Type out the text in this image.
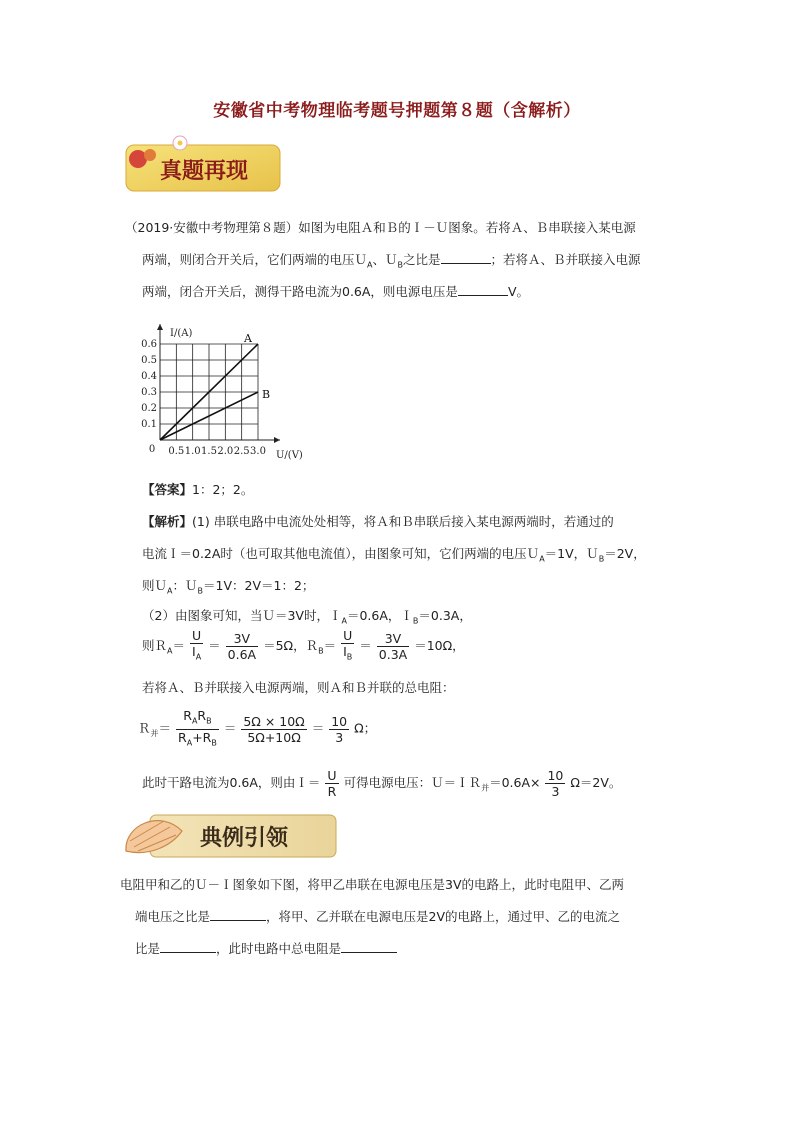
安徽省中考物理临考题号押题第８题（含解析）
真题再现
（2019·安徽中考物理第８题）如图为电阻Ａ和Ｂ的Ｉ－Ｕ图象。若将Ａ、Ｂ串联接入某电源
两端，则闭合开关后，它们两端的电压Ｕ$_A$、Ｕ$_B$之比是	；若将Ａ、Ｂ并联接入电源
两端，闭合开关后，测得干路电流为0.6A，则电源电压是	V。
0.5 1.0 1.5 2.0 2.5 3.0
0.1
0.2
0.3
0.4
0.5
0.6
0
U/(V)
I/(A)	A
B
【答案】1：2；2。
【解析】(1) 串联电路中电流处处相等，将Ａ和Ｂ串联后接入某电源两端时，若通过的
电流Ｉ＝0.2A时（也可取其他电流值），由图象可知，它们两端的电压Ｕ$_A$＝1V，Ｕ$_B$＝2V，
则Ｕ$_A$：Ｕ$_B$＝1V：2V＝1：2；
（2）由图象可知，当Ｕ＝3V时，Ｉ$_A$＝0.6A，Ｉ$_B$＝0.3A，
则Ｒ$_A$＝ $\frac{U}{I_A} = \frac{3V}{0.6A} =5\Omega$，Ｒ$_B$＝ $\frac{U}{I_B} = \frac{3V}{0.3A} =10\Omega$，
若将Ａ、Ｂ并联接入电源两端，则Ａ和Ｂ并联的总电阻：
Ｒ$_并$＝ $\frac{R_AR_B}{R_A+R_B} = \frac{5\Omega \times 10\Omega}{5\Omega+10\Omega} = \frac{10}{3}$ Ω；
此时干路电流为0.6A，则由Ｉ＝ $\frac{U}{R}$ 可得电源电压：Ｕ＝ＩＲ$_并$＝0.6A× $\frac{10}{3} \Omega=2V$。
典例引领
电阻甲和乙的Ｕ－Ｉ图象如下图，将甲乙串联在电源电压是3V的电路上，此时电阻甲、乙两
端电压之比是	，将甲、乙并联在电源电压是2V的电路上，通过甲、乙的电流之
比是	，此时电路中总电阻是
